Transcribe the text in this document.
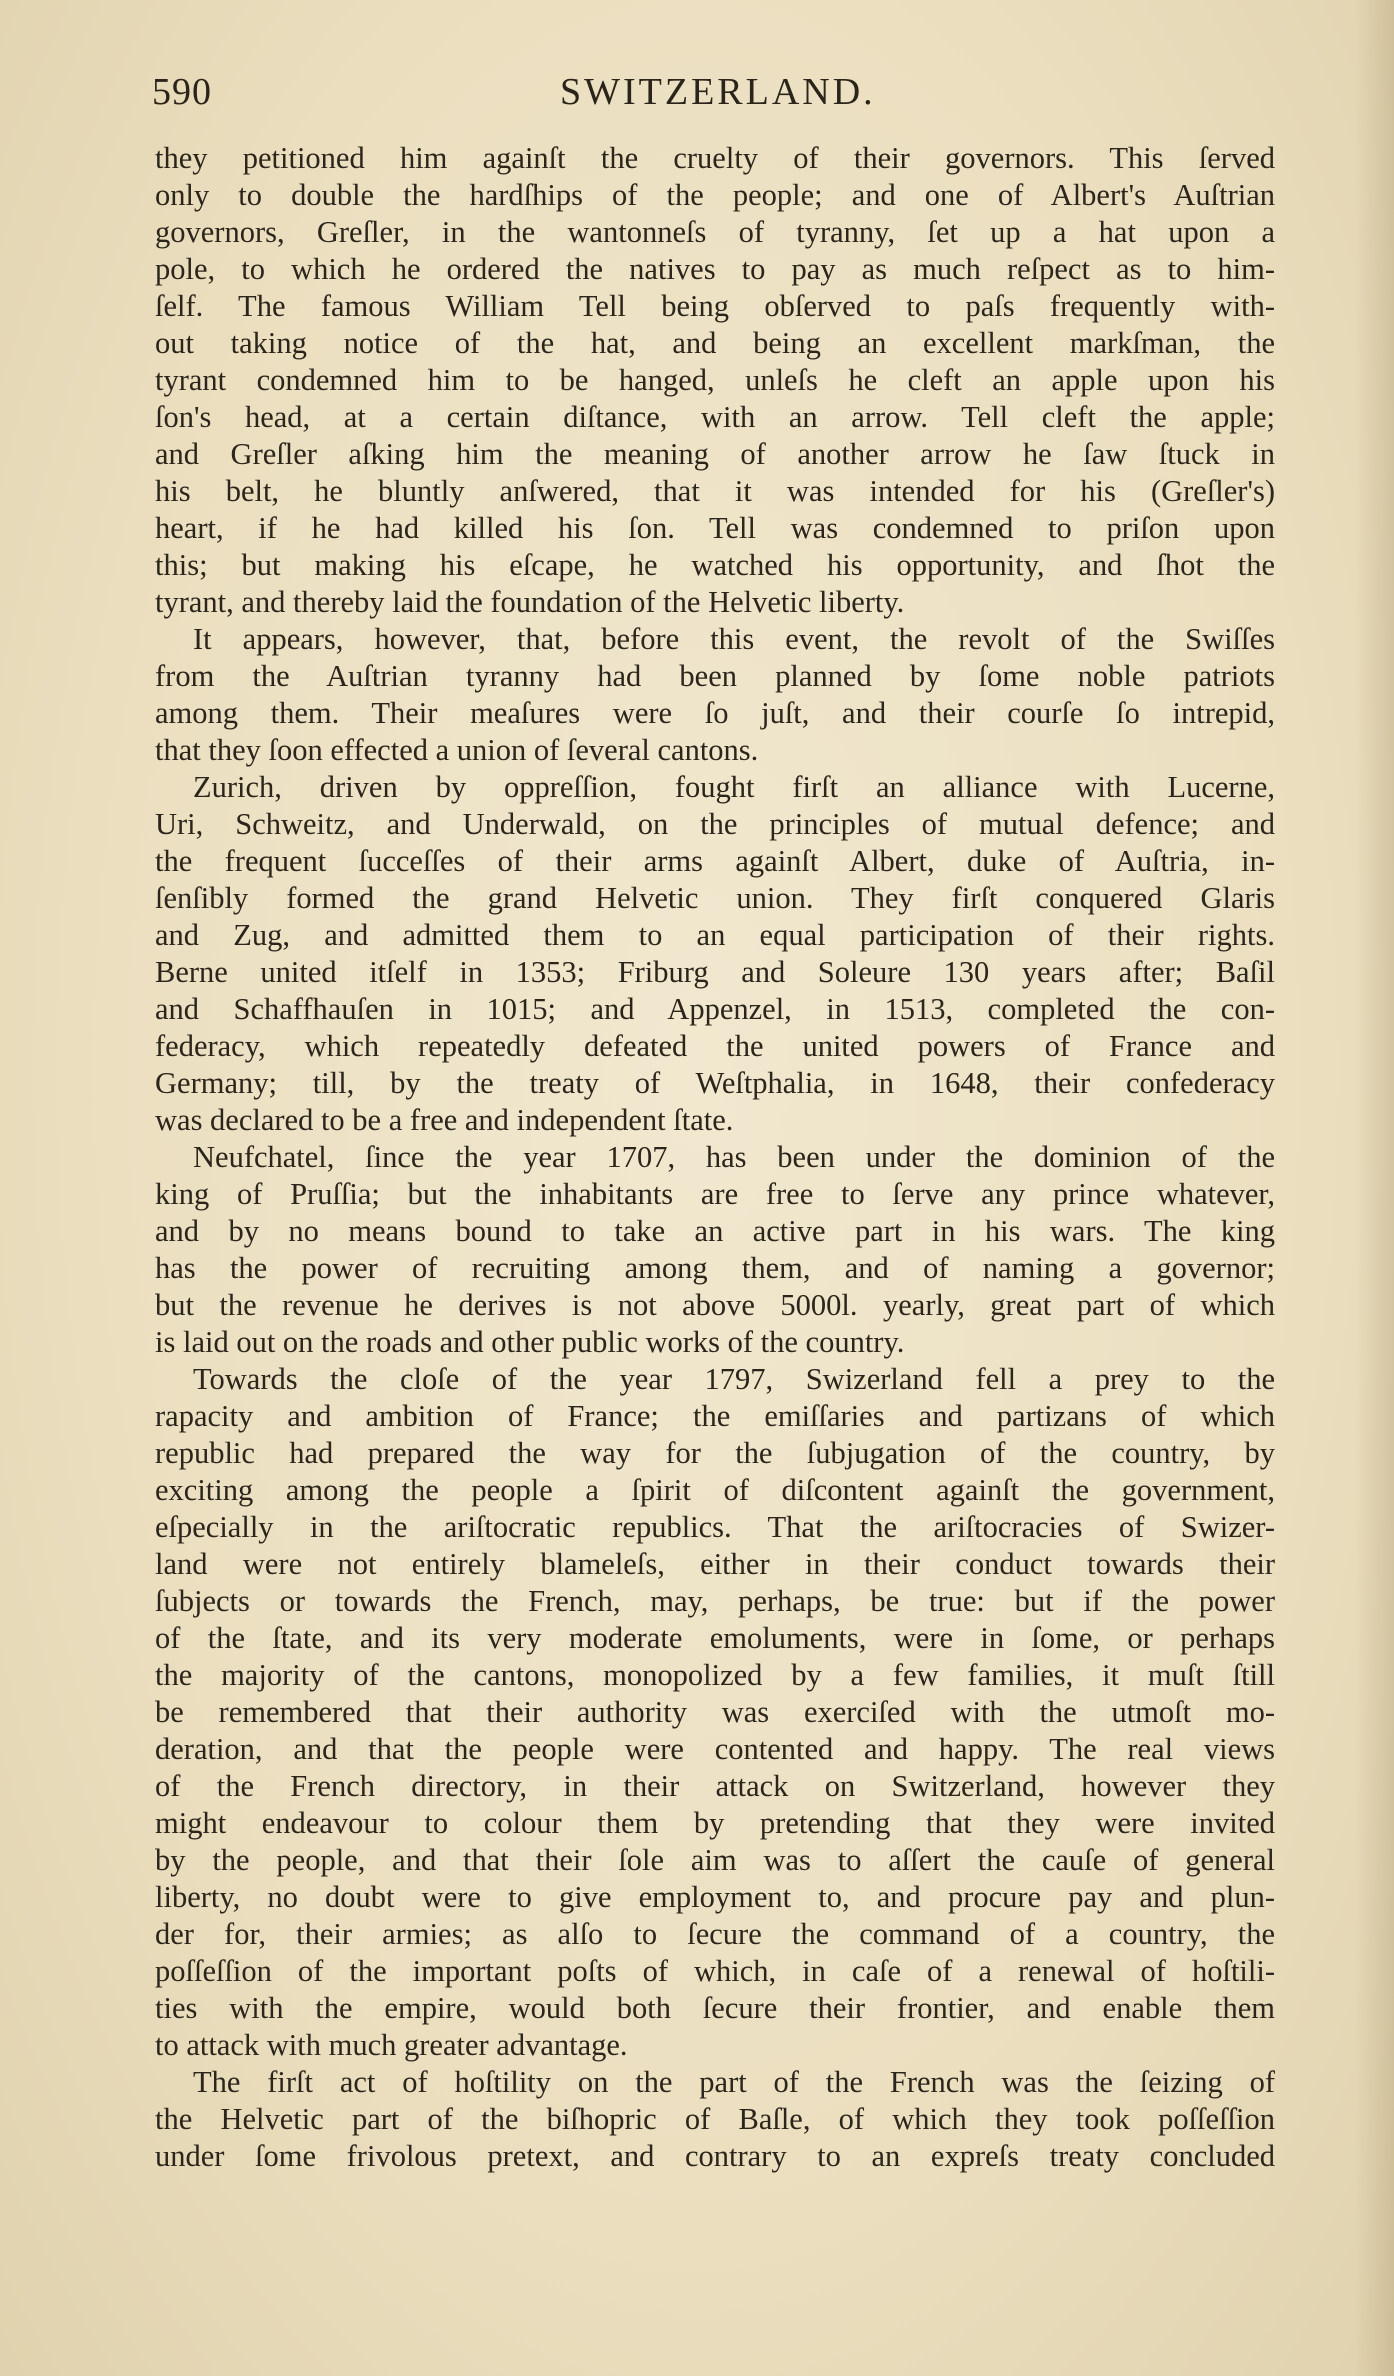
590	SWITZERLAND.
they petitioned him againſt the cruelty of their governors. This ſerved
only to double the hardſhips of the people; and one of Albert's Auſtrian
governors, Greſler, in the wantonneſs of tyranny, ſet up a hat upon a
pole, to which he ordered the natives to pay as much reſpect as to him-
ſelf. The famous William Tell being obſerved to paſs frequently with-
out taking notice of the hat, and being an excellent markſman, the
tyrant condemned him to be hanged, unleſs he cleft an apple upon his
ſon's head, at a certain diſtance, with an arrow. Tell cleft the apple;
and Greſler aſking him the meaning of another arrow he ſaw ſtuck in
his belt, he bluntly anſwered, that it was intended for his (Greſler's)
heart, if he had killed his ſon. Tell was condemned to priſon upon
this; but making his eſcape, he watched his opportunity, and ſhot the
tyrant, and thereby laid the foundation of the Helvetic liberty.
It appears, however, that, before this event, the revolt of the Swiſſes
from the Auſtrian tyranny had been planned by ſome noble patriots
among them. Their meaſures were ſo juſt, and their courſe ſo intrepid,
that they ſoon effected a union of ſeveral cantons.
Zurich, driven by oppreſſion, fought firſt an alliance with Lucerne,
Uri, Schweitz, and Underwald, on the principles of mutual defence; and
the frequent ſucceſſes of their arms againſt Albert, duke of Auſtria, in-
ſenſibly formed the grand Helvetic union. They firſt conquered Glaris
and Zug, and admitted them to an equal participation of their rights.
Berne united itſelf in 1353; Friburg and Soleure 130 years after; Baſil
and Schaffhauſen in 1015; and Appenzel, in 1513, completed the con-
federacy, which repeatedly defeated the united powers of France and
Germany; till, by the treaty of Weſtphalia, in 1648, their confederacy
was declared to be a free and independent ſtate.
Neufchatel, ſince the year 1707, has been under the dominion of the
king of Pruſſia; but the inhabitants are free to ſerve any prince whatever,
and by no means bound to take an active part in his wars. The king
has the power of recruiting among them, and of naming a governor;
but the revenue he derives is not above 5000l. yearly, great part of which
is laid out on the roads and other public works of the country.
Towards the cloſe of the year 1797, Swizerland fell a prey to the
rapacity and ambition of France; the emiſſaries and partizans of which
republic had prepared the way for the ſubjugation of the country, by
exciting among the people a ſpirit of diſcontent againſt the government,
eſpecially in the ariſtocratic republics. That the ariſtocracies of Swizer-
land were not entirely blameleſs, either in their conduct towards their
ſubjects or towards the French, may, perhaps, be true: but if the power
of the ſtate, and its very moderate emoluments, were in ſome, or perhaps
the majority of the cantons, monopolized by a few families, it muſt ſtill
be remembered that their authority was exerciſed with the utmoſt mo-
deration, and that the people were contented and happy. The real views
of the French directory, in their attack on Switzerland, however they
might endeavour to colour them by pretending that they were invited
by the people, and that their ſole aim was to aſſert the cauſe of general
liberty, no doubt were to give employment to, and procure pay and plun-
der for, their armies; as alſo to ſecure the command of a country, the
poſſeſſion of the important poſts of which, in caſe of a renewal of hoſtili-
ties with the empire, would both ſecure their frontier, and enable them
to attack with much greater advantage.
The firſt act of hoſtility on the part of the French was the ſeizing of
the Helvetic part of the biſhopric of Baſle, of which they took poſſeſſion
under ſome frivolous pretext, and contrary to an expreſs treaty concluded
